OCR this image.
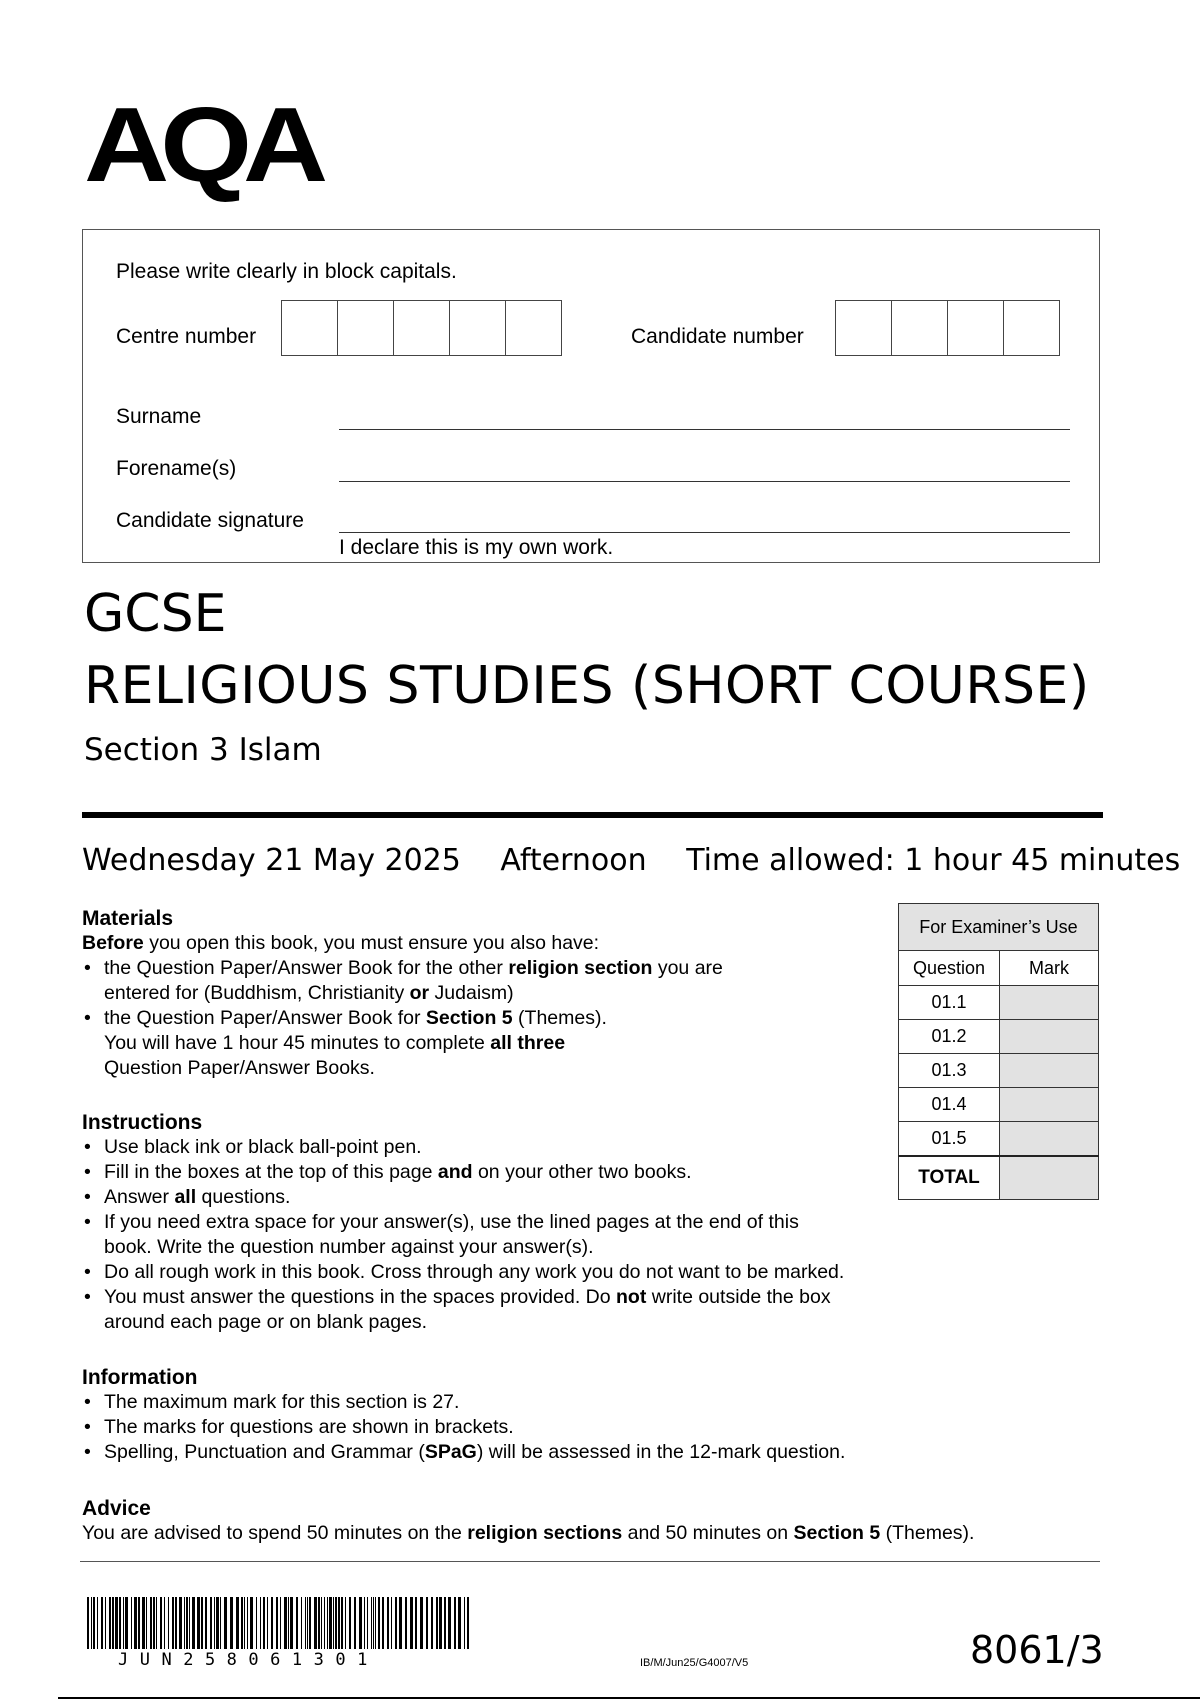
AQA
Please write clearly in block capitals.
Centre number	Candidate number
Surname
Forename(s)
Candidate signature
I declare this is my own work.
GCSE
RELIGIOUS STUDIES (SHORT COURSE)
Section 3 Islam
Wednesday 21 May 2025 Afternoon Time allowed: 1 hour 45 minutes
Materials
Before you open this book, you must ensure you also have:
• the Question Paper/Answer Book for the other religion section you are entered for (Buddhism, Christianity or Judaism)
• the Question Paper/Answer Book for Section 5 (Themes).
You will have 1 hour 45 minutes to complete all three
Question Paper/Answer Books.
Instructions
• Use black ink or black ball-point pen.
• Fill in the boxes at the top of this page and on your other two books.
• Answer all questions.
• If you need extra space for your answer(s), use the lined pages at the end of this book. Write the question number against your answer(s).
• Do all rough work in this book. Cross through any work you do not want to be marked.
• You must answer the questions in the spaces provided. Do not write outside the box around each page or on blank pages.
Information
• The maximum mark for this section is 27.
• The marks for questions are shown in brackets.
• Spelling, Punctuation and Grammar (SPaG) will be assessed in the 12-mark question.
Advice
You are advised to spend 50 minutes on the religion sections and 50 minutes on Section 5 (Themes).
For Examiner’s Use	
Question	Mark
01.1	
01.2	
01.3	
01.4	
01.5	
TOTAL	
JUN258061301	IB/M/Jun25/G4007/V5	8061/3
